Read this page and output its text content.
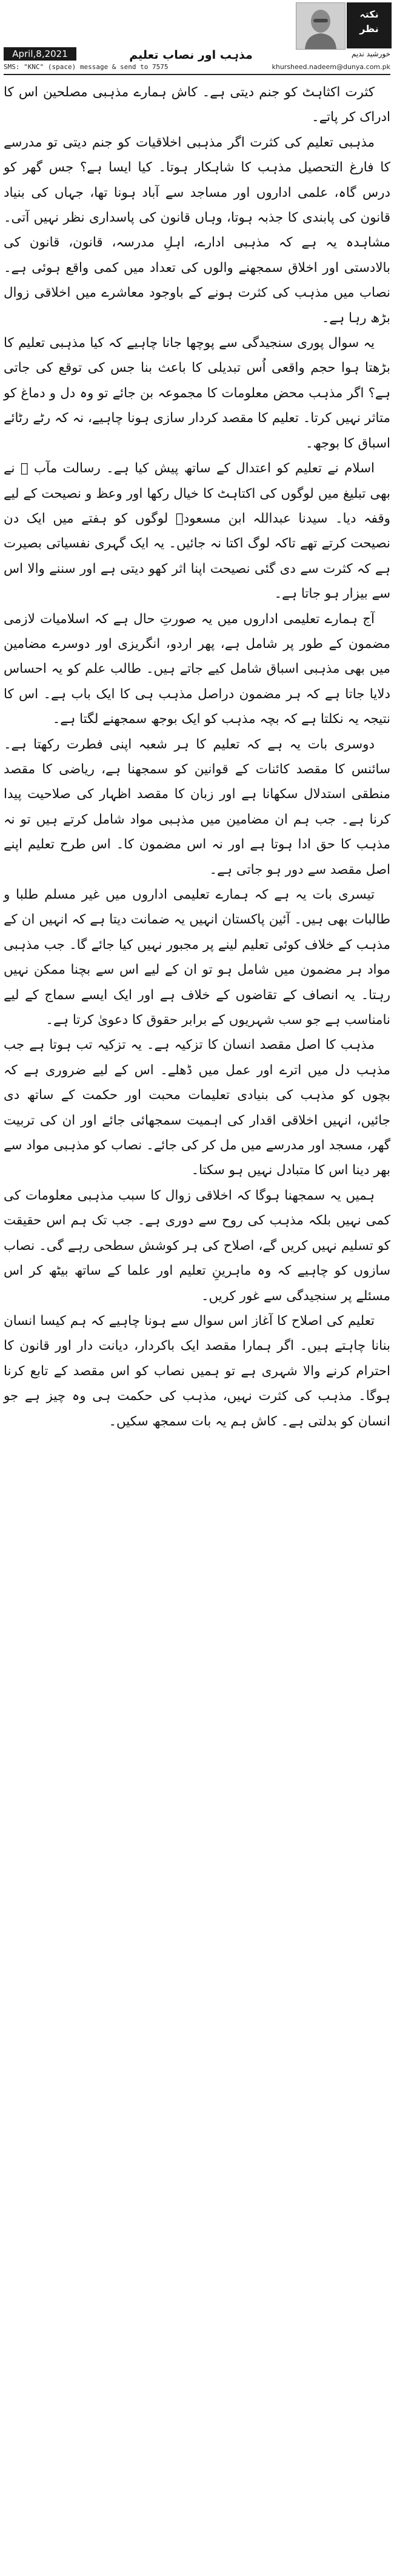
April,8,2021	مذہب اور نصاب تعلیم
SMS: "KNC" (space) message & send to 7575	khursheed.nadeem@dunya.com.pk
نکتہ
نظر
خورشید ندیم

کثرت اکثاہٹ کو جنم دیتی ہے۔ کاش ہمارے مذہبی مصلحین اس کا ادراک کر پاتے۔

مذہبی تعلیم کی کثرت اگر مذہبی اخلاقیات کو جنم دیتی تو مدرسے کا فارغ التحصیل مذہب کا شاہکار ہوتا۔ کیا ایسا ہے؟ جس گھر کو درس گاہ، علمی اداروں اور مساجد سے آباد ہونا تھا، جہاں کی بنیاد قانون کی پابندی کا جذبہ ہوتا، وہاں قانون کی پاسداری نظر نہیں آتی۔ مشاہدہ یہ ہے کہ مذہبی ادارے، اہلِ مدرسہ، قانون، قانون کی بالادستی اور اخلاق سمجھنے والوں کی تعداد میں کمی واقع ہوئی ہے۔ نصاب میں مذہب کی کثرت ہونے کے باوجود معاشرے میں اخلاقی زوال بڑھ رہا ہے۔

یہ سوال پوری سنجیدگی سے پوچھا جانا چاہیے کہ کیا مذہبی تعلیم کا بڑھتا ہوا حجم واقعی اُس تبدیلی کا باعث بنا جس کی توقع کی جاتی ہے؟ اگر مذہب محض معلومات کا مجموعہ بن جائے تو وہ دل و دماغ کو متاثر نہیں کرتا۔ تعلیم کا مقصد کردار سازی ہونا چاہیے، نہ کہ رٹے رٹائے اسباق کا بوجھ۔

اسلام نے تعلیم کو اعتدال کے ساتھ پیش کیا ہے۔ رسالت مآب ﷺ نے بھی تبلیغ میں لوگوں کی اکتاہٹ کا خیال رکھا اور وعظ و نصیحت کے لیے وقفہ دیا۔ سیدنا عبداللہ ابن مسعودؓ لوگوں کو ہفتے میں ایک دن نصیحت کرتے تھے تاکہ لوگ اکتا نہ جائیں۔ یہ ایک گہری نفسیاتی بصیرت ہے کہ کثرت سے دی گئی نصیحت اپنا اثر کھو دیتی ہے اور سننے والا اس سے بیزار ہو جاتا ہے۔

آج ہمارے تعلیمی اداروں میں یہ صورتِ حال ہے کہ اسلامیات لازمی مضمون کے طور پر شامل ہے، پھر اردو، انگریزی اور دوسرے مضامین میں بھی مذہبی اسباق شامل کیے جاتے ہیں۔ طالب علم کو یہ احساس دلایا جاتا ہے کہ ہر مضمون دراصل مذہب ہی کا ایک باب ہے۔ اس کا نتیجہ یہ نکلتا ہے کہ بچہ مذہب کو ایک بوجھ سمجھنے لگتا ہے۔

دوسری بات یہ ہے کہ تعلیم کا ہر شعبہ اپنی فطرت رکھتا ہے۔ سائنس کا مقصد کائنات کے قوانین کو سمجھنا ہے، ریاضی کا مقصد منطقی استدلال سکھانا ہے اور زبان کا مقصد اظہار کی صلاحیت پیدا کرنا ہے۔ جب ہم ان مضامین میں مذہبی مواد شامل کرتے ہیں تو نہ مذہب کا حق ادا ہوتا ہے اور نہ اس مضمون کا۔ اس طرح تعلیم اپنے اصل مقصد سے دور ہو جاتی ہے۔

تیسری بات یہ ہے کہ ہمارے تعلیمی اداروں میں غیر مسلم طلبا و طالبات بھی ہیں۔ آئین پاکستان انہیں یہ ضمانت دیتا ہے کہ انہیں ان کے مذہب کے خلاف کوئی تعلیم لینے پر مجبور نہیں کیا جائے گا۔ جب مذہبی مواد ہر مضمون میں شامل ہو تو ان کے لیے اس سے بچنا ممکن نہیں رہتا۔ یہ انصاف کے تقاضوں کے خلاف ہے اور ایک ایسے سماج کے لیے نامناسب ہے جو سب شہریوں کے برابر حقوق کا دعویٰ کرتا ہے۔

مذہب کا اصل مقصد انسان کا تزکیہ ہے۔ یہ تزکیہ تب ہوتا ہے جب مذہب دل میں اترے اور عمل میں ڈھلے۔ اس کے لیے ضروری ہے کہ بچوں کو مذہب کی بنیادی تعلیمات محبت اور حکمت کے ساتھ دی جائیں، انہیں اخلاقی اقدار کی اہمیت سمجھائی جائے اور ان کی تربیت گھر، مسجد اور مدرسے میں مل کر کی جائے۔ نصاب کو مذہبی مواد سے بھر دینا اس کا متبادل نہیں ہو سکتا۔

ہمیں یہ سمجھنا ہوگا کہ اخلاقی زوال کا سبب مذہبی معلومات کی کمی نہیں بلکہ مذہب کی روح سے دوری ہے۔ جب تک ہم اس حقیقت کو تسلیم نہیں کریں گے، اصلاح کی ہر کوشش سطحی رہے گی۔ نصاب سازوں کو چاہیے کہ وہ ماہرینِ تعلیم اور علما کے ساتھ بیٹھ کر اس مسئلے پر سنجیدگی سے غور کریں۔

تعلیم کی اصلاح کا آغاز اس سوال سے ہونا چاہیے کہ ہم کیسا انسان بنانا چاہتے ہیں۔ اگر ہمارا مقصد ایک باکردار، دیانت دار اور قانون کا احترام کرنے والا شہری ہے تو ہمیں نصاب کو اس مقصد کے تابع کرنا ہوگا۔ مذہب کی کثرت نہیں، مذہب کی حکمت ہی وہ چیز ہے جو انسان کو بدلتی ہے۔ کاش ہم یہ بات سمجھ سکیں۔
